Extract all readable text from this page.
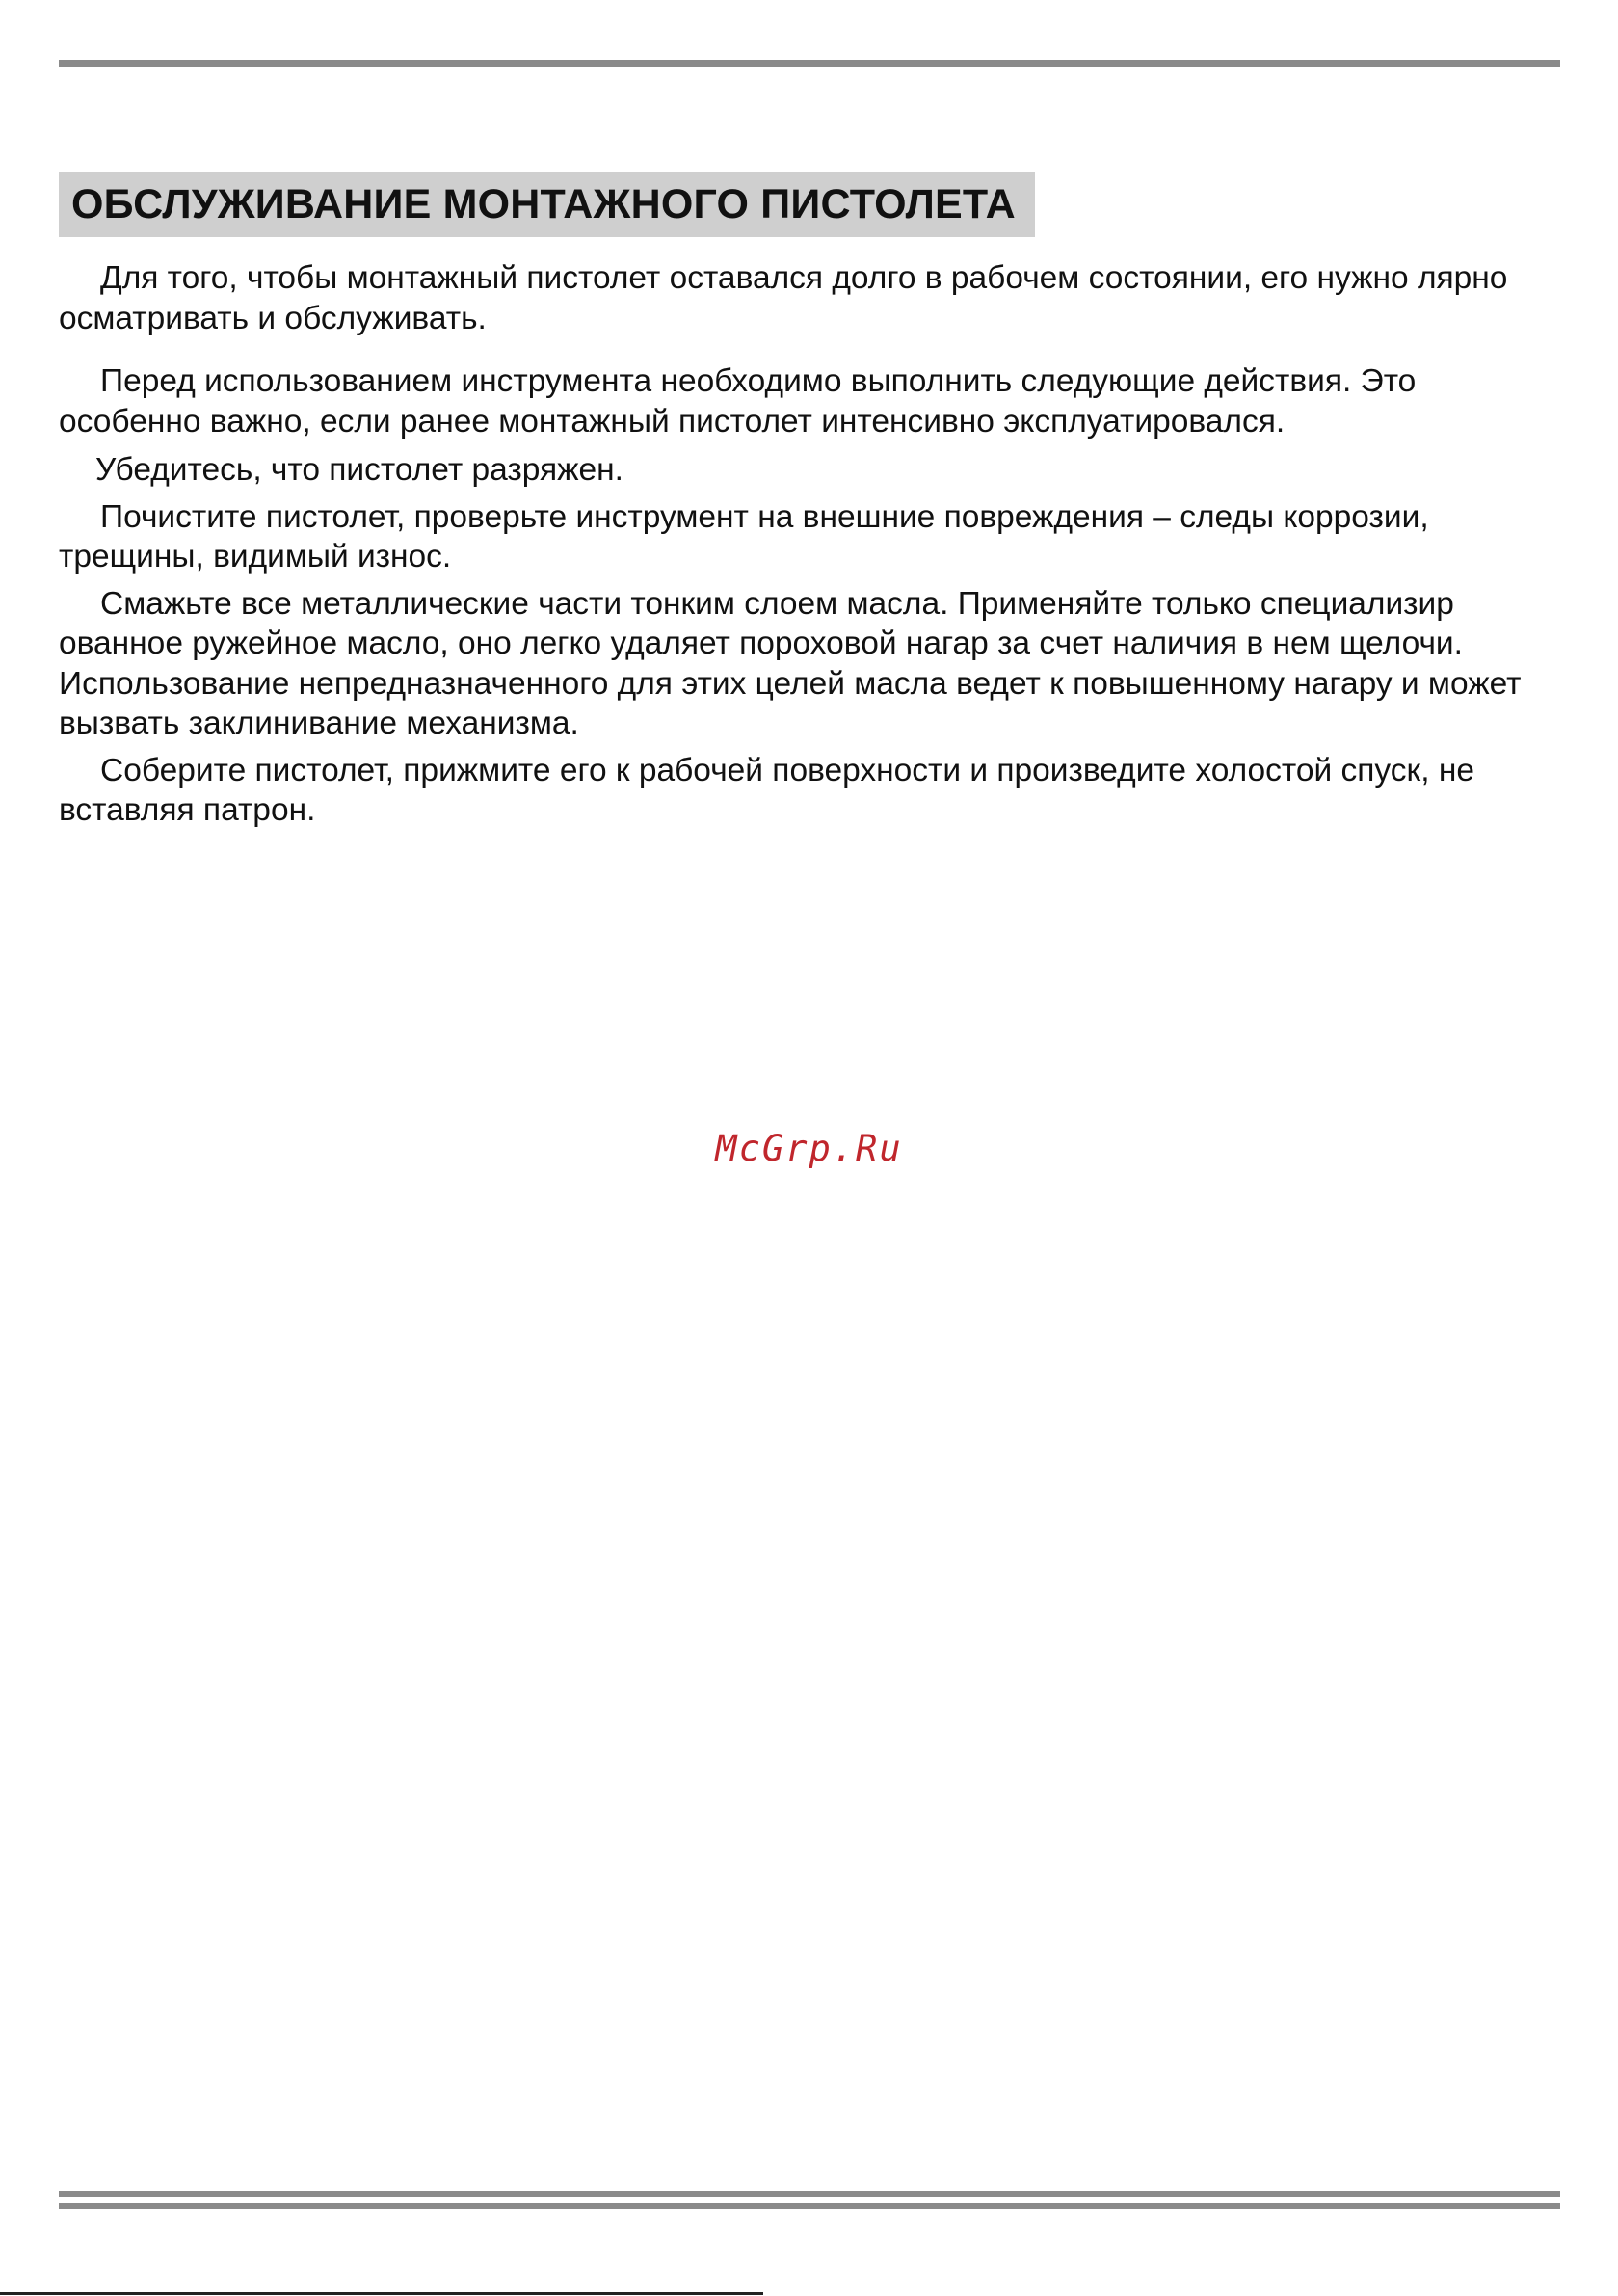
ОБСЛУЖИВАНИЕ МОНТАЖНОГО ПИСТОЛЕТА

Для того, чтобы монтажный пистолет оставался долго в рабочем состоянии, его нужно лярно осматривать и обслуживать.

Перед использованием инструмента необходимо выполнить следующие действия. Это особенно важно, если ранее монтажный пистолет интенсивно эксплуатировался.

Убедитесь, что пистолет разряжен.

Почистите пистолет, проверьте инструмент на внешние повреждения – следы коррозии, трещины, видимый износ.

Смажьте все металлические части тонким слоем масла. Применяйте только специализир ованное ружейное масло, оно легко удаляет пороховой нагар за счет наличия в нем щелочи. Использование непредназначенного для этих целей масла ведет к повышенному нагару и может вызвать заклинивание механизма.

Соберите пистолет, прижмите его к рабочей поверхности и произведите холостой спуск, не вставляя патрон.

McGrp.Ru
